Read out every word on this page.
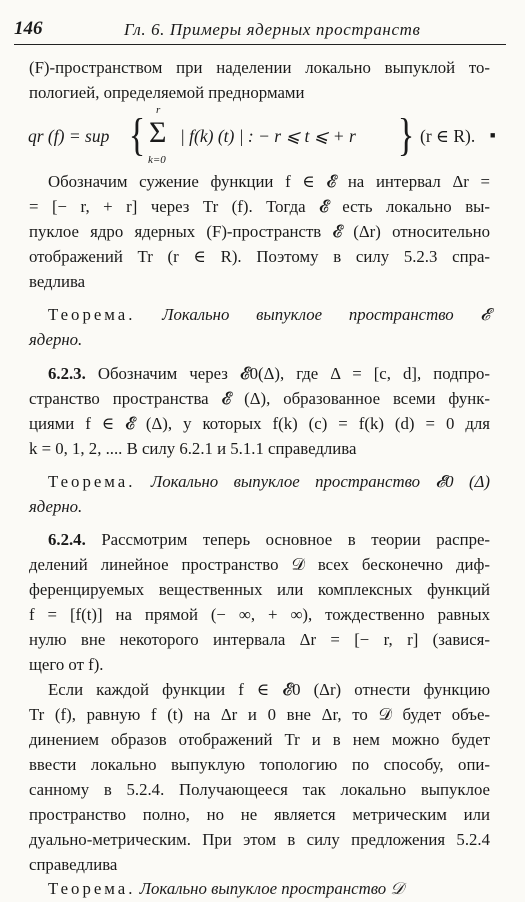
146	Гл. 6. Примеры ядерных пространств
(F)-пространством при наделении локально выпуклой то-
пологией, определяемой преднормами
qr (f) = sup { r
Σ
k=0
| f(k) (t) | : − r ⩽ t ⩽ + r } (r ∈ R). ■
Обозначим сужение функции f ∈ 𝓔 на интервал Δr =
= [− r, + r] через Tr (f). Тогда 𝓔 есть локально вы-
пуклое ядро ядерных (F)-пространств 𝓔 (Δr) относительно
отображений Tr (r ∈ R). Поэтому в силу 5.2.3 спра-
ведлива
Теорема. Локально выпуклое пространство 𝓔
ядерно.
6.2.3. Обозначим через 𝓔0(Δ), где Δ = [c, d], подпро-
странство пространства 𝓔 (Δ), образованное всеми функ-
циями f ∈ 𝓔 (Δ), у которых f(k) (c) = f(k) (d) = 0 для
k = 0, 1, 2, .... В силу 6.2.1 и 5.1.1 справедлива
Теорема. Локально выпуклое пространство 𝓔0 (Δ)
ядерно.
6.2.4. Рассмотрим теперь основное в теории распре-
делений линейное пространство 𝒟 всех бесконечно диф-
ференцируемых вещественных или комплексных функций
f = [f(t)] на прямой (− ∞, + ∞), тождественно равных
нулю вне некоторого интервала Δr = [− r, r] (завися-
щего от f).
Если каждой функции f ∈ 𝓔0 (Δr) отнести функцию
Tr (f), равную f (t) на Δr и 0 вне Δr, то 𝒟 будет объе-
динением образов отображений Tr и в нем можно будет
ввести локально выпуклую топологию по способу, опи-
санному в 5.2.4. Получающееся так локально выпуклое
пространство полно, но не является метрическим или
дуально-метрическим. При этом в силу предложения 5.2.4
справедлива
Теорема. Локально выпуклое пространство 𝒟
